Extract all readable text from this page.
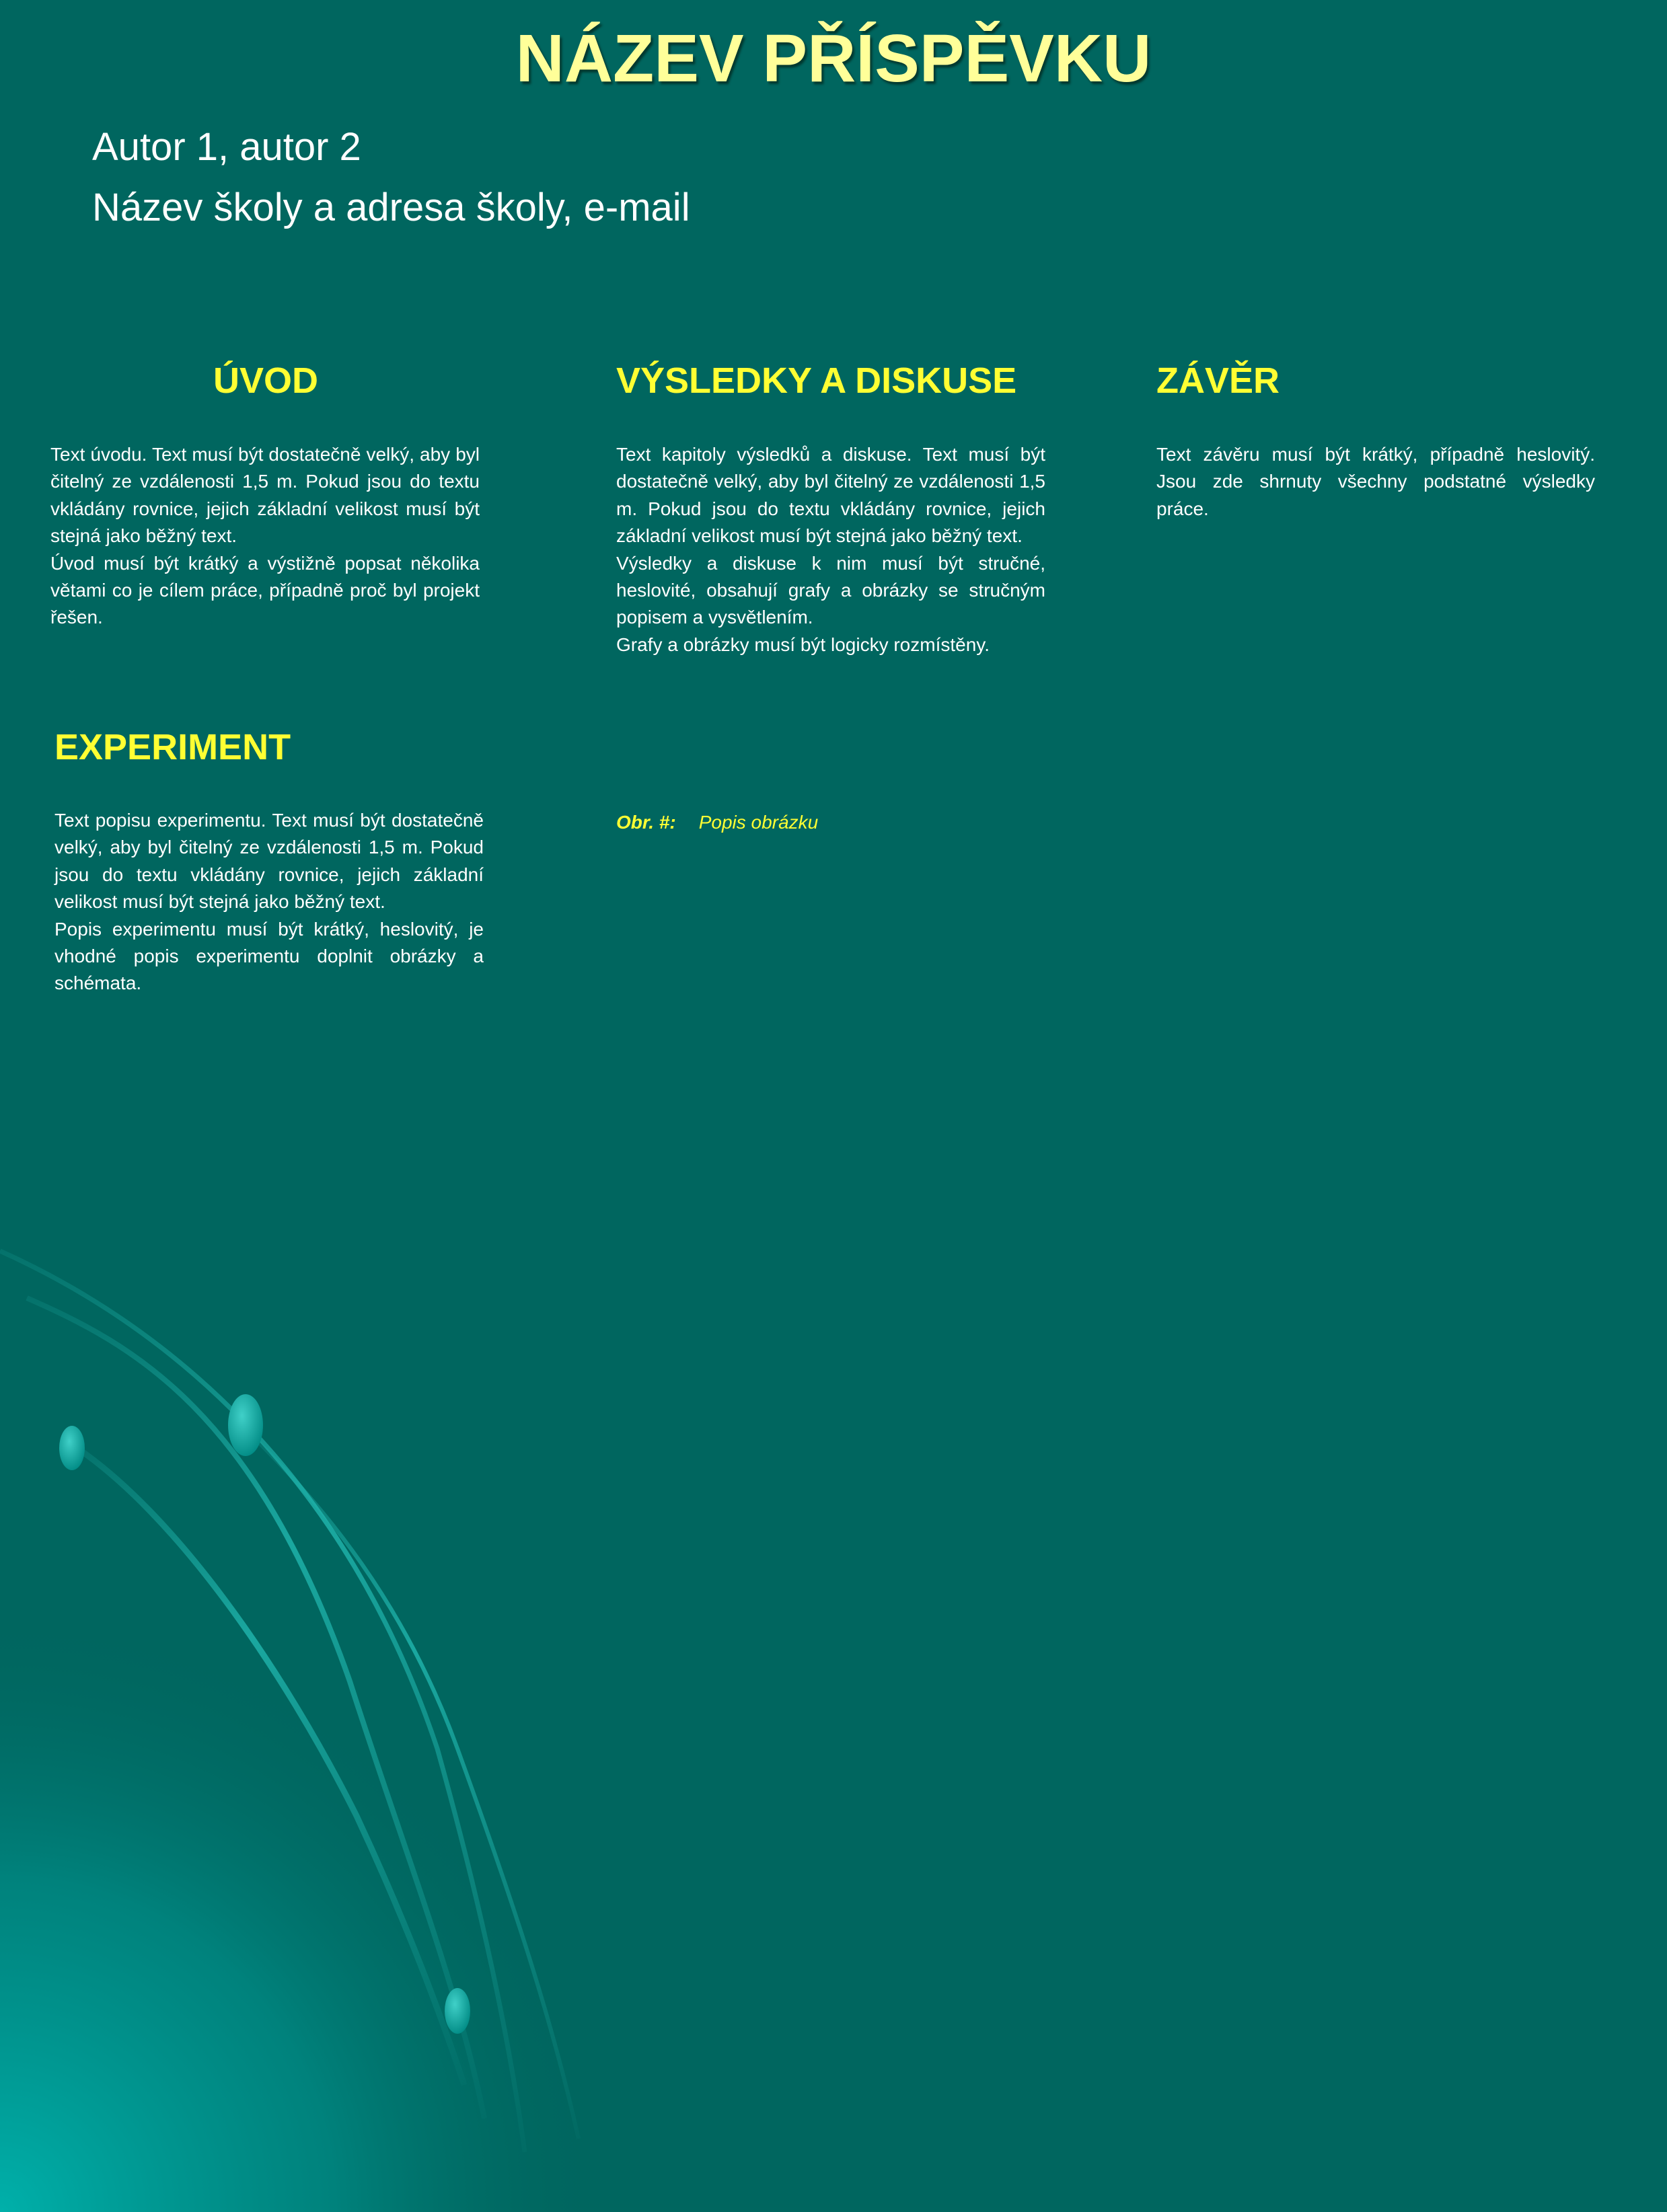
NÁZEV PŘÍSPĚVKU
Autor 1, autor 2
Název školy a adresa školy, e-mail
ÚVOD

Text úvodu. Text musí být dostatečně velký, aby byl čitelný ze vzdálenosti 1,5 m. Pokud jsou do textu vkládány rovnice, jejich základní velikost musí být stejná jako běžný text.

Úvod musí být krátký a výstižně popsat několika větami co je cílem práce, případně proč byl projekt řešen.

VÝSLEDKY A DISKUSE

Text kapitoly výsledků a diskuse. Text musí být dostatečně velký, aby byl čitelný ze vzdálenosti 1,5 m. Pokud jsou do textu vkládány rovnice, jejich základní velikost musí být stejná jako běžný text.

Výsledky a diskuse k nim musí být stručné, heslovité, obsahují grafy a obrázky se stručným popisem a vysvětlením.

Grafy a obrázky musí být logicky rozmístěny.

ZÁVĚR

Text závěru musí být krátký, případně heslovitý. Jsou zde shrnuty všechny podstatné výsledky práce.

EXPERIMENT

Text popisu experimentu. Text musí být dostatečně velký, aby byl čitelný ze vzdálenosti 1,5 m. Pokud jsou do textu vkládány rovnice, jejich základní velikost musí být stejná jako běžný text.

Popis experimentu musí být krátký, heslovitý, je vhodné popis experimentu doplnit obrázky a schémata.

Obr. #: Popis obrázku
